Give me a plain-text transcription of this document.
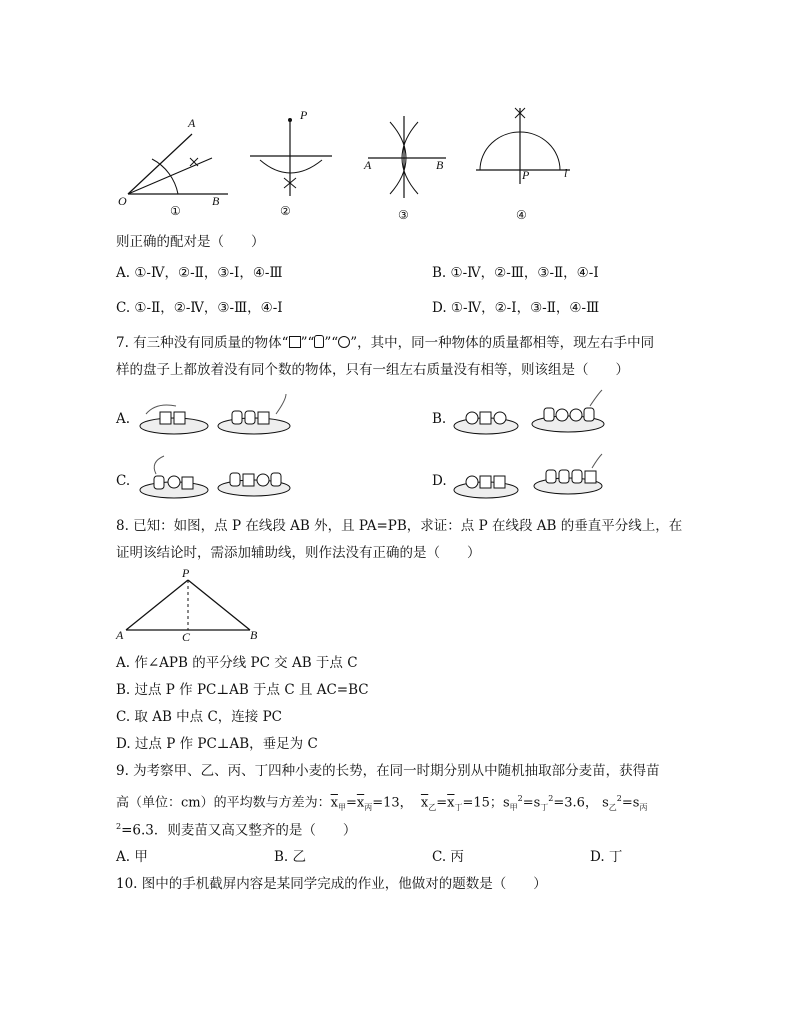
A
O	B
①
P
②
A	B
③
P	l
④
则正确的配对是（　　）
A. ①-Ⅳ，②-Ⅱ，③-Ⅰ，④-Ⅲ	B. ①-Ⅳ，②-Ⅲ，③-Ⅱ，④-Ⅰ
C. ①-Ⅱ，②-Ⅳ，③-Ⅲ，④-Ⅰ	D. ①-Ⅳ，②-Ⅰ，③-Ⅱ，④-Ⅲ
7. 有三种没有同质量的物体“ ”“ ”“ ”，其中，同一种物体的质量都相等，现左右手中同
样的盘子上都放着没有同个数的物体，只有一组左右质量没有相等，则该组是（　　）
A.	B.
C.	D.
8. 已知：如图，点 P 在线段 AB 外，且 PA=PB，求证：点 P 在线段 AB 的垂直平分线上，在
证明该结论时，需添加辅助线，则作法没有正确的是（　　）
P
A	C	B
A. 作∠APB 的平分线 PC 交 AB 于点 C
B. 过点 P 作 PC⊥AB 于点 C 且 AC=BC
C. 取 AB 中点 C，连接 PC
D. 过点 P 作 PC⊥AB，垂足为 C
9. 为考察甲、乙、丙、丁四种小麦的长势，在同一时期分别从中随机抽取部分麦苗，获得苗
高（单位：cm）的平均数与方差为：$\overline{x}_甲=\overline{x}_丙=13$， $\overline{x}_乙=\overline{x}_丁=15$；$s_甲^2=s_丁^2=3.6$， $s_乙^2=s_丙$
$^2$=6.3．则麦苗又高又整齐的是（　　）
A. 甲	B. 乙	C. 丙	D. 丁
10. 图中的手机截屏内容是某同学完成的作业，他做对的题数是（　　）
